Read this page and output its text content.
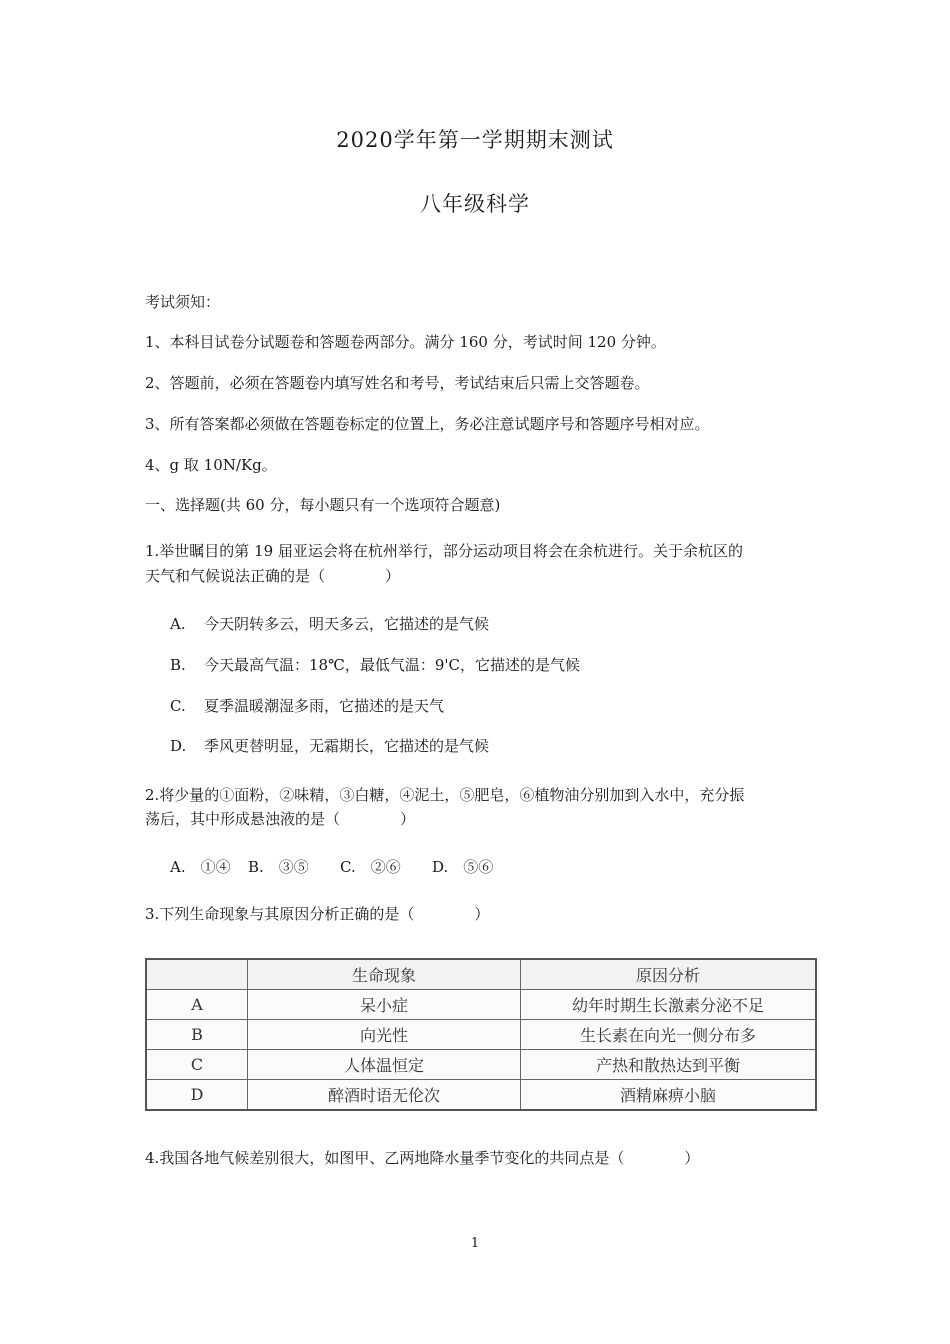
2020学年第一学期期末测试
八年级科学
考试须知：
1、本科目试卷分试题卷和答题卷两部分。满分 160 分，考试时间 120 分钟。
2、答题前，必须在答题卷内填写姓名和考号，考试结束后只需上交答题卷。
3、所有答案都必须做在答题卷标定的位置上，务必注意试题序号和答题序号相对应。
4、g 取 10N/Kg。
一、选择题(共 60 分，每小题只有一个选项符合题意)
1.举世瞩目的第 19 届亚运会将在杭州举行，部分运动项目将会在余杭进行。关于余杭区的
天气和气候说法正确的是（　　　　）
A. 今天阴转多云，明天多云，它描述的是气候
B. 今天最高气温：18℃，最低气温：9'C，它描述的是气候
C. 夏季温暖潮湿多雨，它描述的是天气
D. 季风更替明显，无霜期长，它描述的是气候
2.将少量的①面粉，②味精，③白糖，④泥土，⑤肥皂，⑥植物油分别加到入水中，充分振
荡后，其中形成悬浊液的是（　　　　）
A.　①④ B.　③⑤ C.　②⑥ D.　⑤⑥
3.下列生命现象与其原因分析正确的是（　　　　）
	生命现象	原因分析
A	呆小症	幼年时期生长激素分泌不足
B	向光性	生长素在向光一侧分布多
C	人体温恒定	产热和散热达到平衡
D	醉酒时语无伦次	酒精麻痹小脑
4.我国各地气候差别很大，如图甲、乙两地降水量季节变化的共同点是（　　　　）
1
